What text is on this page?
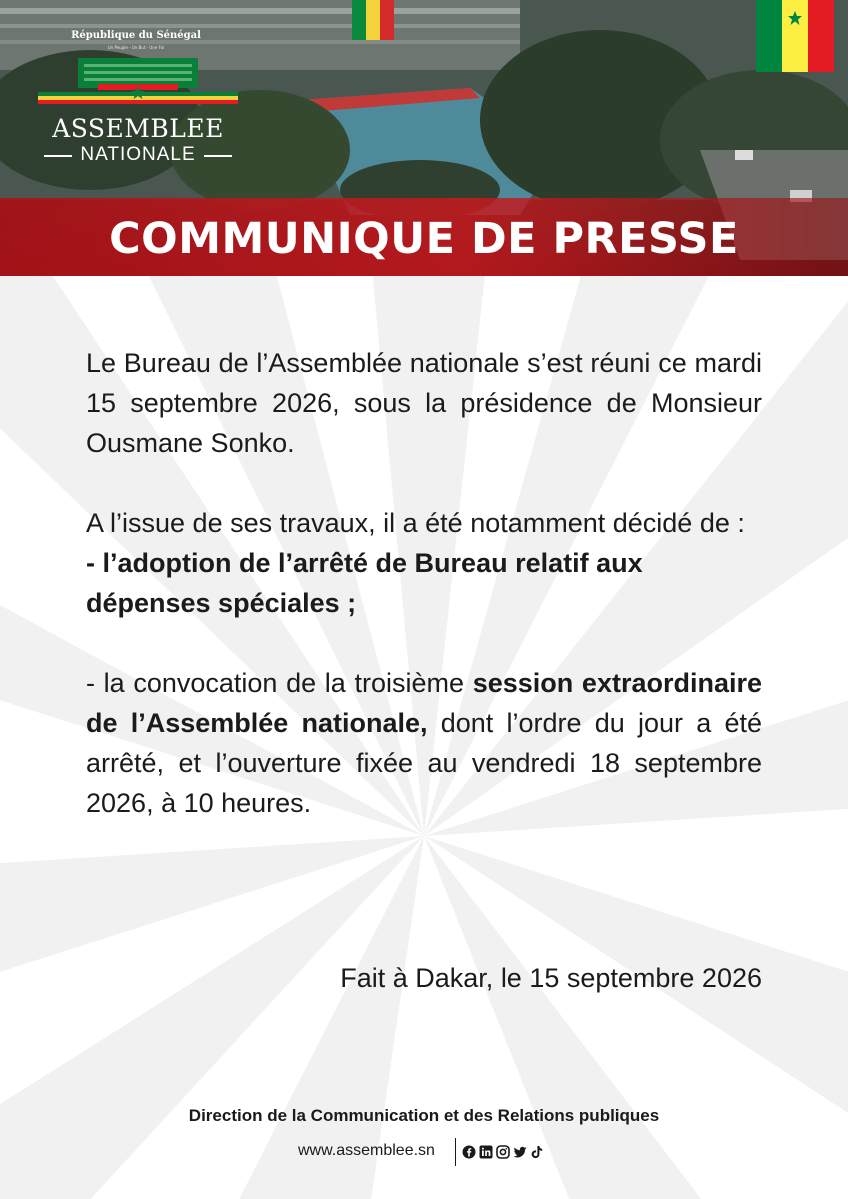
République du Sénégal
Un Peuple - Un But - Une Foi
ASSEMBLEE
NATIONALE
COMMUNIQUE DE PRESSE
Le Bureau de l’Assemblée nationale s’est réuni ce mardi 15 septembre 2026, sous la présidence de Monsieur Ousmane Sonko.

A l’issue de ses travaux, il a été notamment décidé de :

- l’adoption de l’arrêté de Bureau relatif aux dépenses spéciales ;

- la convocation de la troisième session extraordinaire de l’Assemblée nationale, dont l’ordre du jour a été arrêté, et l’ouverture fixée au vendredi 18 septembre 2026, à 10 heures.
Fait à Dakar, le 15 septembre 2026
Direction de la Communication et des Relations publiques
www.assemblee.sn
